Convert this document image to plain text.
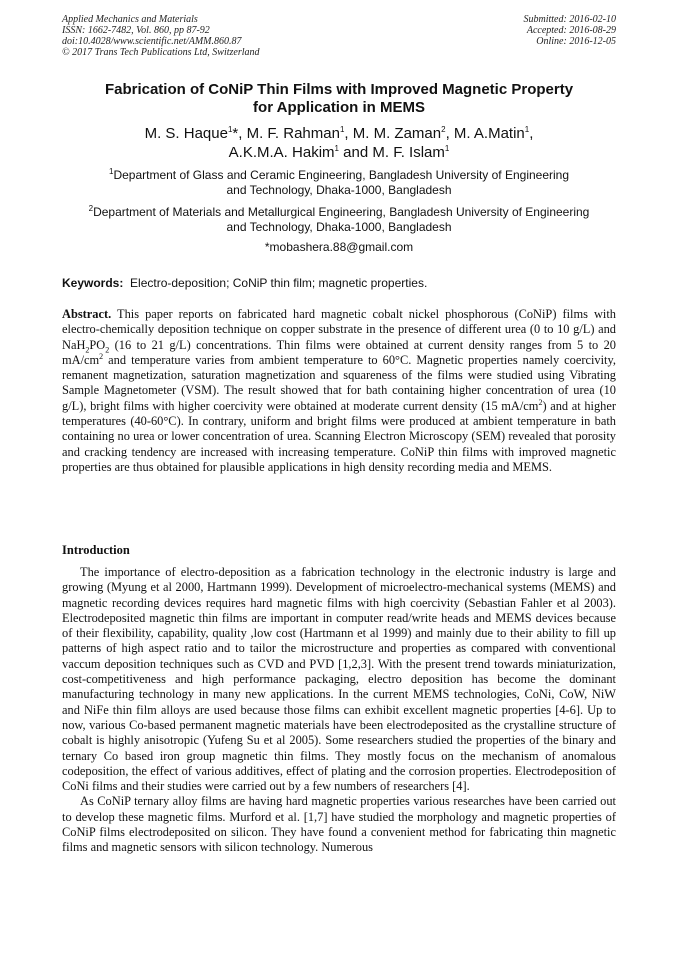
Applied Mechanics and Materials
ISSN: 1662-7482, Vol. 860, pp 87-92
doi:10.4028/www.scientific.net/AMM.860.87
© 2017 Trans Tech Publications Ltd, Switzerland
Submitted: 2016-02-10
Accepted: 2016-08-29
Online: 2016-12-05
Fabrication of CoNiP Thin Films with Improved Magnetic Property
for Application in MEMS
M. S. Haque$^1$*, M. F. Rahman$^1$, M. M. Zaman$^2$, M. A.Matin$^1$,
A.K.M.A. Hakim$^1$ and M. F. Islam$^1$
$^1$Department of Glass and Ceramic Engineering, Bangladesh University of Engineering
and Technology, Dhaka-1000, Bangladesh
$^2$Department of Materials and Metallurgical Engineering, Bangladesh University of Engineering
and Technology, Dhaka-1000, Bangladesh
*mobashera.88@gmail.com
Keywords: Electro-deposition; CoNiP thin film; magnetic properties.

Abstract. This paper reports on fabricated hard magnetic cobalt nickel phosphorous (CoNiP) films with electro-chemically deposition technique on copper substrate in the presence of different urea (0 to 10 g/L) and $NaH_2PO_2$ (16 to 21 g/L) concentrations. Thin films were obtained at current density ranges from 5 to 20 $mA/cm^2$ and temperature varies from ambient temperature to 60°C. Magnetic properties namely coercivity, remanent magnetization, saturation magnetization and squareness of the films were studied using Vibrating Sample Magnetometer (VSM). The result showed that for bath containing higher concentration of urea (10 g/L), bright films with higher coercivity were obtained at moderate current density (15 $mA/cm^2$) and at higher temperatures (40-60°C). In contrary, uniform and bright films were produced at ambient temperature in bath containing no urea or lower concentration of urea. Scanning Electron Microscopy (SEM) revealed that porosity and cracking tendency are increased with increasing temperature. CoNiP thin films with improved magnetic properties are thus obtained for plausible applications in high density recording media and MEMS.

Introduction

The importance of electro-deposition as a fabrication technology in the electronic industry is large and growing (Myung et al 2000, Hartmann 1999). Development of microelectro-mechanical systems (MEMS) and magnetic recording devices requires hard magnetic films with high coercivity (Sebastian Fahler et al 2003). Electrodeposited magnetic thin films are important in computer read/write heads and MEMS devices because of their flexibility, capability, quality ,low cost (Hartmann et al 1999) and mainly due to their ability to fill up patterns of high aspect ratio and to tailor the microstructure and properties as compared with conventional vaccum deposition techniques such as CVD and PVD [1,2,3]. With the present trend towards miniaturization, cost-competitiveness and high performance packaging, electro deposition has become the dominant manufacturing technology in many new applications. In the current MEMS technologies, CoNi, CoW, NiW and NiFe thin film alloys are used because those films can exhibit excellent magnetic properties [4-6]. Up to now, various Co-based permanent magnetic materials have been electrodeposited as the crystalline structure of cobalt is highly anisotropic (Yufeng Su et al 2005). Some researchers studied the properties of the binary and ternary Co based iron group magnetic thin films. They mostly focus on the mechanism of anomalous codeposition, the effect of various additives, effect of plating and the corrosion properties. Electrodeposition of CoNi films and their studies were carried out by a few numbers of researchers [4].

As CoNiP ternary alloy films are having hard magnetic properties various researches have been carried out to develop these magnetic films. Murford et al. [1,7] have studied the morphology and magnetic properties of CoNiP films electrodeposited on silicon. They have found a convenient method for fabricating thin magnetic films and magnetic sensors with silicon technology. Numerous
